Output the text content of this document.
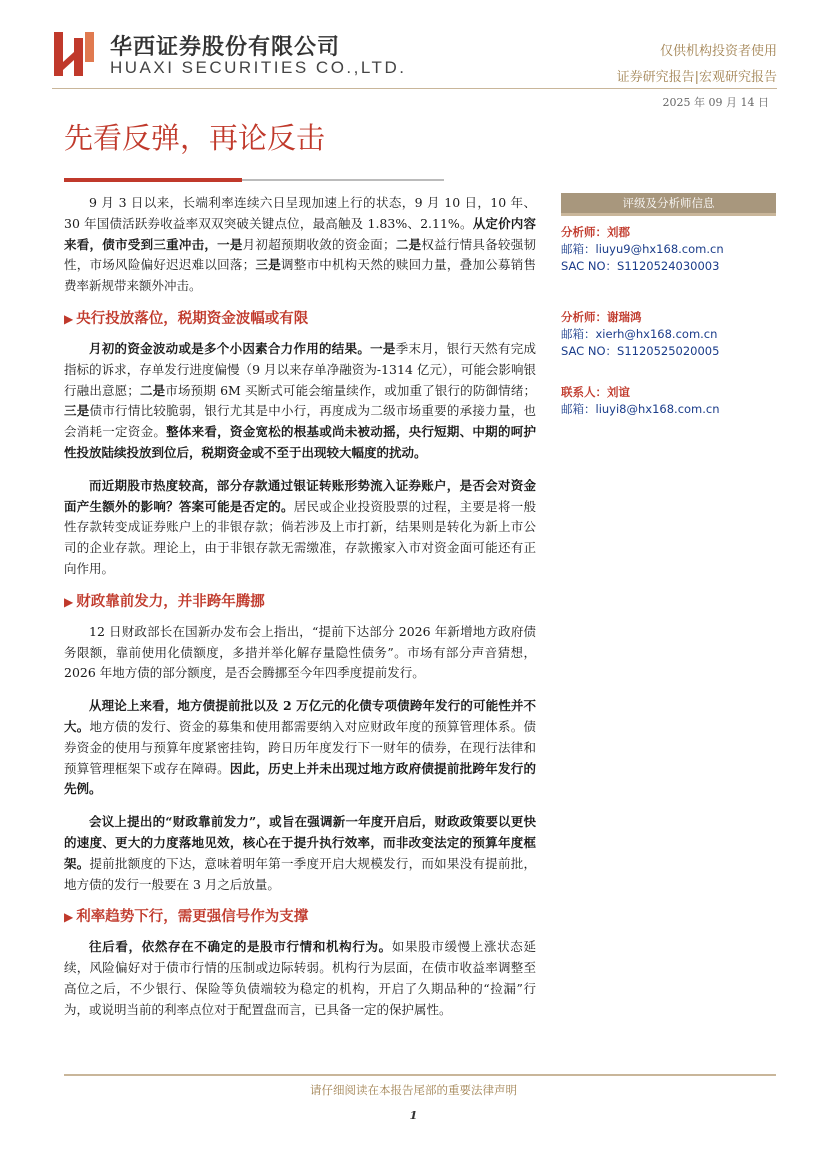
华西证券股份有限公司
HUAXI SECURITIES CO.,LTD.
仅供机构投资者使用
证券研究报告|宏观研究报告
2025 年 09 月 14 日
先看反弹，再论反击

9 月 3 日以来，长端利率连续六日呈现加速上行的状态，9 月 10 日，10 年、30 年国债活跃券收益率双双突破关键点位，最高触及 1.83%、2.11%。从定价内容来看，债市受到三重冲击，一是月初超预期收敛的资金面；二是权益行情具备较强韧性，市场风险偏好迟迟难以回落；三是调整市中机构天然的赎回力量，叠加公募销售费率新规带来额外冲击。

▶ 央行投放落位，税期资金波幅或有限

月初的资金波动或是多个小因素合力作用的结果。一是季末月，银行天然有完成指标的诉求，存单发行进度偏慢（9 月以来存单净融资为-1314 亿元），可能会影响银行融出意愿；二是市场预期 6M 买断式可能会缩量续作，或加重了银行的防御情绪；三是债市行情比较脆弱，银行尤其是中小行，再度成为二级市场重要的承接力量，也会消耗一定资金。整体来看，资金宽松的根基或尚未被动摇，央行短期、中期的呵护性投放陆续投放到位后，税期资金或不至于出现较大幅度的扰动。

而近期股市热度较高，部分存款通过银证转账形势流入证券账户，是否会对资金面产生额外的影响？答案可能是否定的。居民或企业投资股票的过程，主要是将一般性存款转变成证券账户上的非银存款；倘若涉及上市打新，结果则是转化为新上市公司的企业存款。理论上，由于非银存款无需缴准，存款搬家入市对资金面可能还有正向作用。

▶ 财政靠前发力，并非跨年腾挪

12 日财政部长在国新办发布会上指出，“提前下达部分 2026 年新增地方政府债务限额，靠前使用化债额度，多措并举化解存量隐性债务”。市场有部分声音猜想，2026 年地方债的部分额度，是否会腾挪至今年四季度提前发行。

从理论上来看，地方债提前批以及 2 万亿元的化债专项债跨年发行的可能性并不大。地方债的发行、资金的募集和使用都需要纳入对应财政年度的预算管理体系。债券资金的使用与预算年度紧密挂钩，跨日历年度发行下一财年的债券，在现行法律和预算管理框架下或存在障碍。因此，历史上并未出现过地方政府债提前批跨年发行的先例。

会议上提出的“财政靠前发力”，或旨在强调新一年度开启后，财政政策要以更快的速度、更大的力度落地见效，核心在于提升执行效率，而非改变法定的预算年度框架。提前批额度的下达，意味着明年第一季度开启大规模发行，而如果没有提前批，地方债的发行一般要在 3 月之后放量。

▶ 利率趋势下行，需更强信号作为支撑

往后看，依然存在不确定的是股市行情和机构行为。如果股市缓慢上涨状态延续，风险偏好对于债市行情的压制或边际转弱。机构行为层面，在债市收益率调整至高位之后，不少银行、保险等负债端较为稳定的机构，开启了久期品种的“捡漏”行为，或说明当前的利率点位对于配置盘而言，已具备一定的保护属性。

评级及分析师信息
分析师：刘郡
邮箱：liuyu9@hx168.com.cn
SAC NO：S1120524030003
分析师：谢瑞鸿
邮箱：xierh@hx168.com.cn
SAC NO：S1120525020005
联系人：刘谊
邮箱：liuyi8@hx168.com.cn
请仔细阅读在本报告尾部的重要法律声明
1
